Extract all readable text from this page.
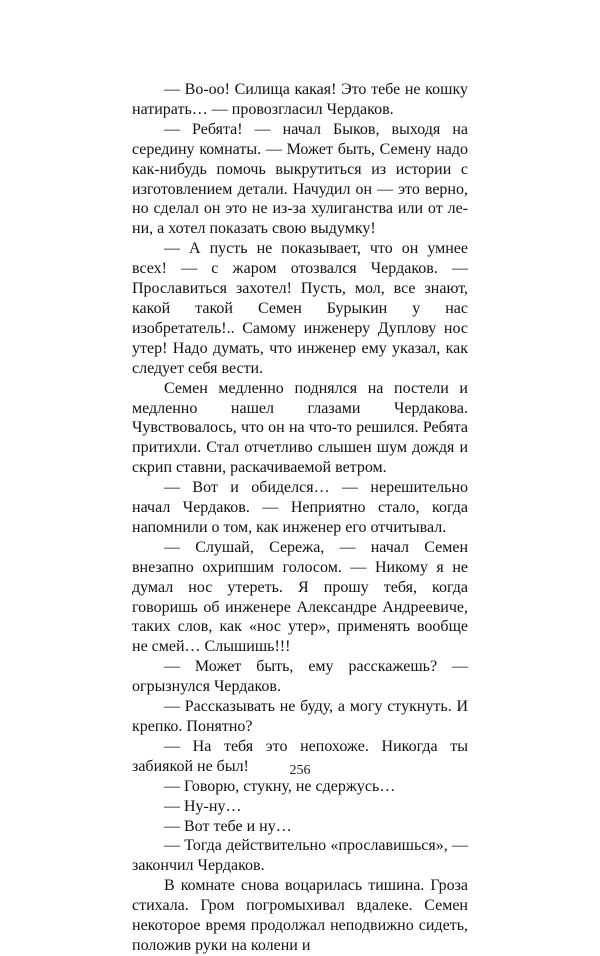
— Во-оо! Силища какая! Это тебе не кошку натирать… — провозгласил Чердаков.

— Ребята! — начал Быков, выходя на середину комнаты. — Может быть, Семену надо как-нибудь помочь выкрутиться из истории с изготовлением детали. Начудил он — это верно, но сделал он это не из-за хулиганства или от лени, а хотел показать свою выдумку!

— А пусть не показывает, что он умнее всех! — с жаром отозвался Чердаков. — Прославиться захотел! Пусть, мол, все знают, какой такой Семен Бурыкин у нас изобретатель!.. Самому инженеру Дуплову нос утер! Надо думать, что инженер ему указал, как следует себя вести.

Семен медленно поднялся на постели и медленно нашел глазами Чердакова. Чувствовалось, что он на что-то решился. Ребята притихли. Стал отчетливо слышен шум дождя и скрип ставни, раскачиваемой ветром.

— Вот и обиделся… — нерешительно начал Чердаков. — Неприятно стало, когда напомнили о том, как инженер его отчитывал.

— Слушай, Сережа, — начал Семен внезапно охрипшим голосом. — Никому я не думал нос утереть. Я прошу тебя, когда говоришь об инженере Александре Андреевиче, таких слов, как «нос утер», применять вообще не смей… Слышишь!!!

— Может быть, ему расскажешь? — огрызнулся Чердаков.

— Рассказывать не буду, а могу стукнуть. И крепко. Понятно?

— На тебя это непохоже. Никогда ты забиякой не был!

— Говорю, стукну, не сдержусь…

— Ну-ну…

— Вот тебе и ну…

— Тогда действительно «прославишься», — закончил Чердаков.

В комнате снова воцарилась тишина. Гроза стихала. Гром погромыхивал вдалеке. Семен некоторое время продолжал неподвижно сидеть, положив руки на колени и

256
